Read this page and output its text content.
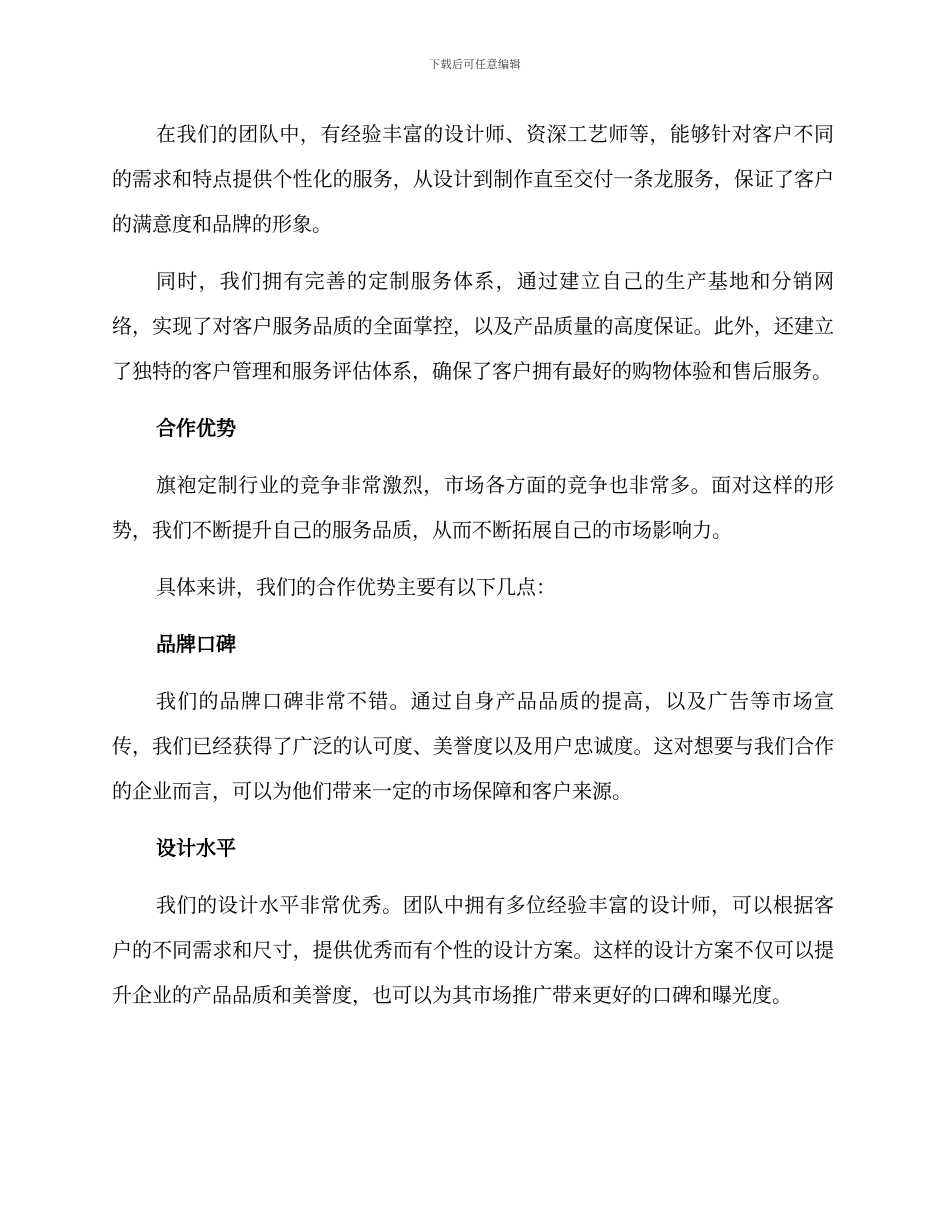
下载后可任意编辑

在我们的团队中，有经验丰富的设计师、资深工艺师等，能够针对客户不同的需求和特点提供个性化的服务，从设计到制作直至交付一条龙服务，保证了客户的满意度和品牌的形象。

同时，我们拥有完善的定制服务体系，通过建立自己的生产基地和分销网络，实现了对客户服务品质的全面掌控，以及产品质量的高度保证。此外，还建立了独特的客户管理和服务评估体系，确保了客户拥有最好的购物体验和售后服务。

合作优势

旗袍定制行业的竞争非常激烈，市场各方面的竞争也非常多。面对这样的形势，我们不断提升自己的服务品质，从而不断拓展自己的市场影响力。

具体来讲，我们的合作优势主要有以下几点：

品牌口碑

我们的品牌口碑非常不错。通过自身产品品质的提高，以及广告等市场宣传，我们已经获得了广泛的认可度、美誉度以及用户忠诚度。这对想要与我们合作的企业而言，可以为他们带来一定的市场保障和客户来源。

设计水平

我们的设计水平非常优秀。团队中拥有多位经验丰富的设计师，可以根据客户的不同需求和尺寸，提供优秀而有个性的设计方案。这样的设计方案不仅可以提升企业的产品品质和美誉度，也可以为其市场推广带来更好的口碑和曝光度。
